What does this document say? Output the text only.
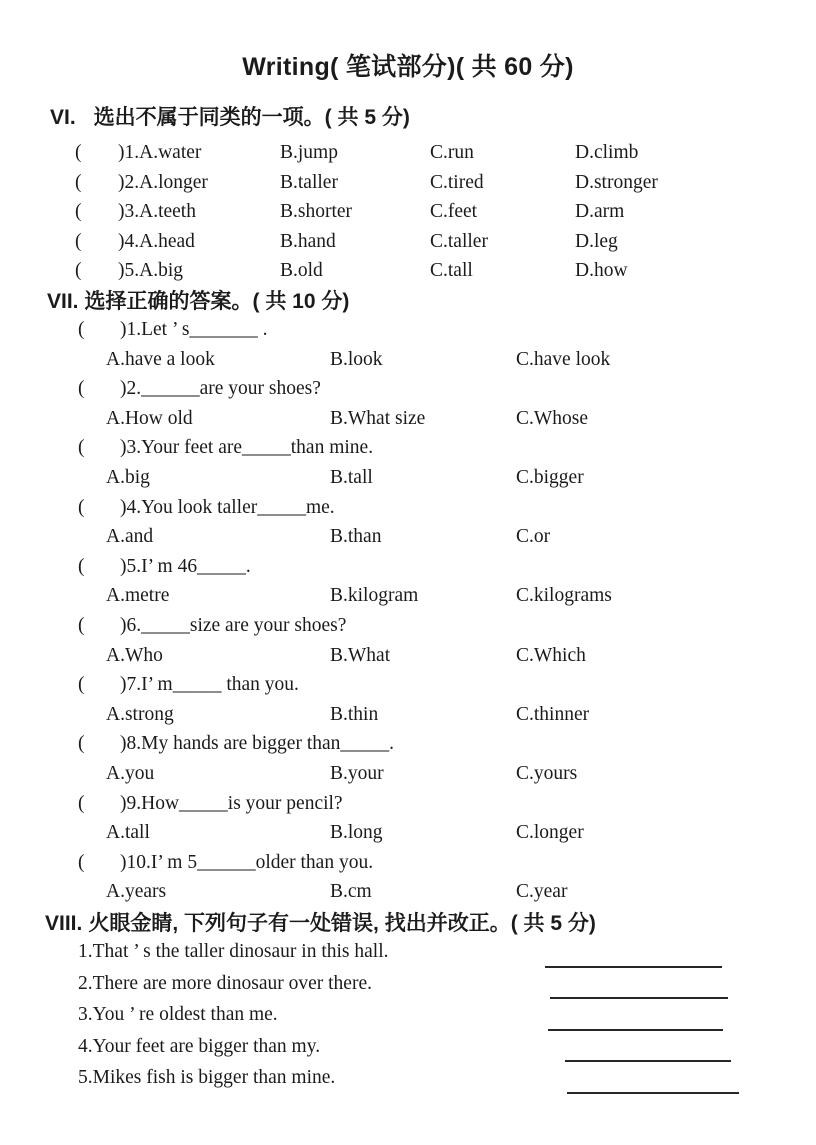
Writing( 笔试部分)( 共 60 分)
VI. 选出不属于同类的一项。( 共 5 分)
(	)1.A.water	B.jump	C.run	D.climb
(	)2.A.longer	B.taller	C.tired	D.stronger
(	)3.A.teeth	B.shorter	C.feet	D.arm
(	)4.A.head	B.hand	C.taller	D.leg
(	)5.A.big	B.old	C.tall	D.how
VII. 选择正确的答案。( 共 10 分)
(	)1.Let ’ s_______ .
A.have a look	B.look	C.have look
(	)2.______are your shoes?
A.How old	B.What size	C.Whose
(	)3.Your feet are_____than mine.
A.big	B.tall	C.bigger
(	)4.You look taller_____me.
A.and	B.than	C.or
(	)5.I’ m 46_____.
A.metre	B.kilogram	C.kilograms
(	)6._____size are your shoes?
A.Who	B.What	C.Which
(	)7.I’ m_____ than you.
A.strong	B.thin	C.thinner
(	)8.My hands are bigger than_____.
A.you	B.your	C.yours
(	)9.How_____is your pencil?
A.tall	B.long	C.longer
(	)10.I’ m 5______older than you.
A.years	B.cm	C.year
VIII. 火眼金睛, 下列句子有一处错误, 找出并改正。( 共 5 分)
1.That ’ s the taller dinosaur in this hall.
2.There are more dinosaur over there.
3.You ’ re oldest than me.
4.Your feet are bigger than my.
5.Mikes fish is bigger than mine.
